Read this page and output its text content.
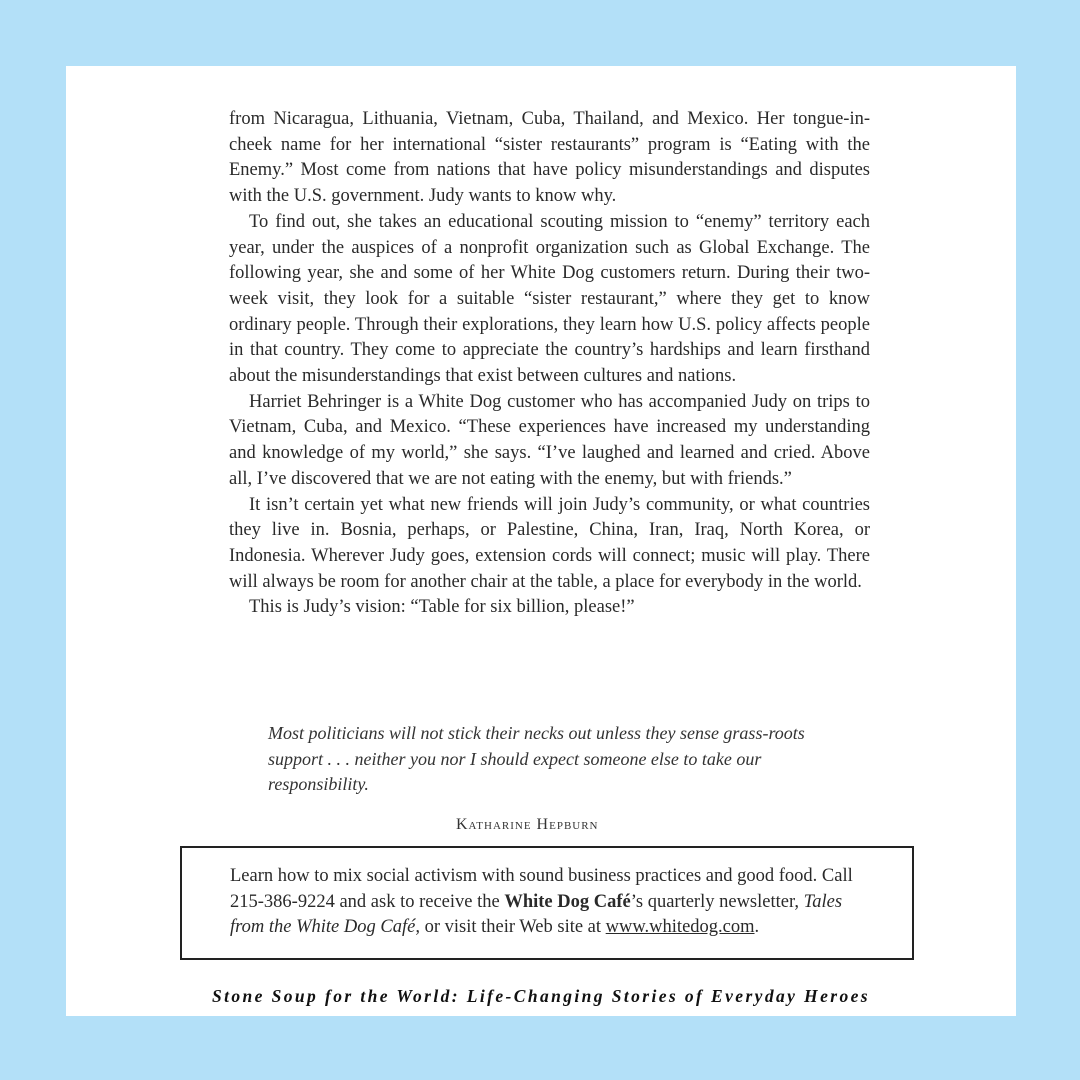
from Nicaragua, Lithuania, Vietnam, Cuba, Thailand, and Mexico. Her tongue-in-cheek name for her international “sister restaurants” program is “Eating with the Enemy.” Most come from nations that have policy misunderstandings and disputes with the U.S. government. Judy wants to know why.

To find out, she takes an educational scouting mission to “enemy” territory each year, under the auspices of a nonprofit organization such as Global Exchange. The following year, she and some of her White Dog customers return. During their two-week visit, they look for a suitable “sister restaurant,” where they get to know ordinary people. Through their explorations, they learn how U.S. policy affects people in that country. They come to appreciate the country’s hardships and learn firsthand about the misunderstandings that exist between cultures and nations.

Harriet Behringer is a White Dog customer who has accompanied Judy on trips to Vietnam, Cuba, and Mexico. “These experiences have increased my understanding and knowledge of my world,” she says. “I’ve laughed and learned and cried. Above all, I’ve discovered that we are not eating with the enemy, but with friends.”

It isn’t certain yet what new friends will join Judy’s community, or what countries they live in. Bosnia, perhaps, or Palestine, China, Iran, Iraq, North Korea, or Indonesia. Wherever Judy goes, extension cords will connect; music will play. There will always be room for another chair at the table, a place for everybody in the world.

This is Judy’s vision: “Table for six billion, please!”

Most politicians will not stick their necks out unless they sense grass-roots support . . . neither you nor I should expect someone else to take our responsibility.

Katharine Hepburn

Learn how to mix social activism with sound business practices and good food. Call 215-386-9224 and ask to receive the White Dog Café’s quarterly newsletter, Tales from the White Dog Café, or visit their Web site at www.whitedog.com.

Stone Soup for the World: Life-Changing Stories of Everyday Heroes
